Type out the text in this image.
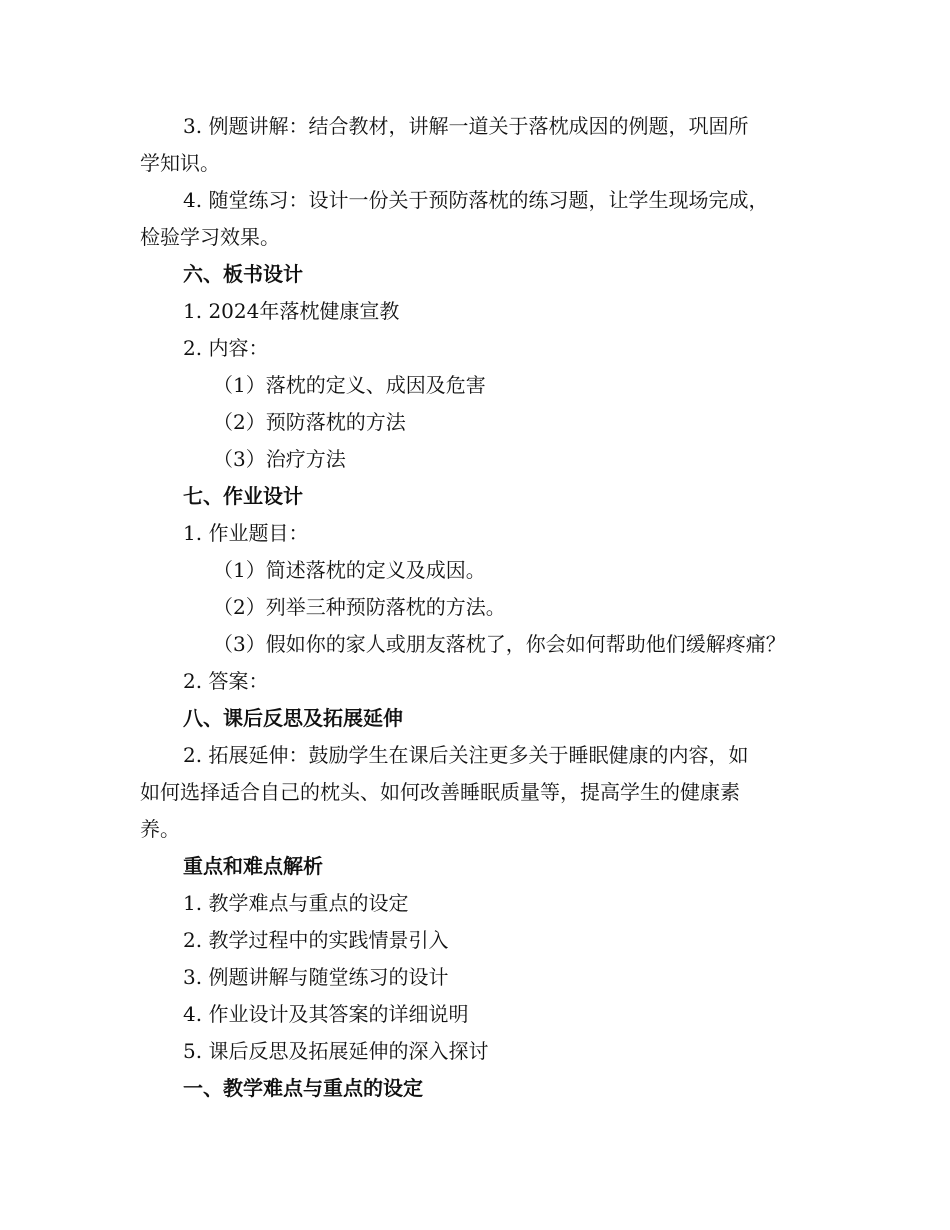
3. 例题讲解：结合教材，讲解一道关于落枕成因的例题，巩固所

学知识。

4. 随堂练习：设计一份关于预防落枕的练习题，让学生现场完成，

检验学习效果。

六、板书设计

1. 2024年落枕健康宣教

2. 内容：

（1）落枕的定义、成因及危害

（2）预防落枕的方法

（3）治疗方法

七、作业设计

1. 作业题目：

（1）简述落枕的定义及成因。

（2）列举三种预防落枕的方法。

（3）假如你的家人或朋友落枕了，你会如何帮助他们缓解疼痛？

2. 答案：

八、课后反思及拓展延伸

2. 拓展延伸：鼓励学生在课后关注更多关于睡眠健康的内容，如

如何选择适合自己的枕头、如何改善睡眠质量等，提高学生的健康素

养。

重点和难点解析

1. 教学难点与重点的设定

2. 教学过程中的实践情景引入

3. 例题讲解与随堂练习的设计

4. 作业设计及其答案的详细说明

5. 课后反思及拓展延伸的深入探讨

一、教学难点与重点的设定
